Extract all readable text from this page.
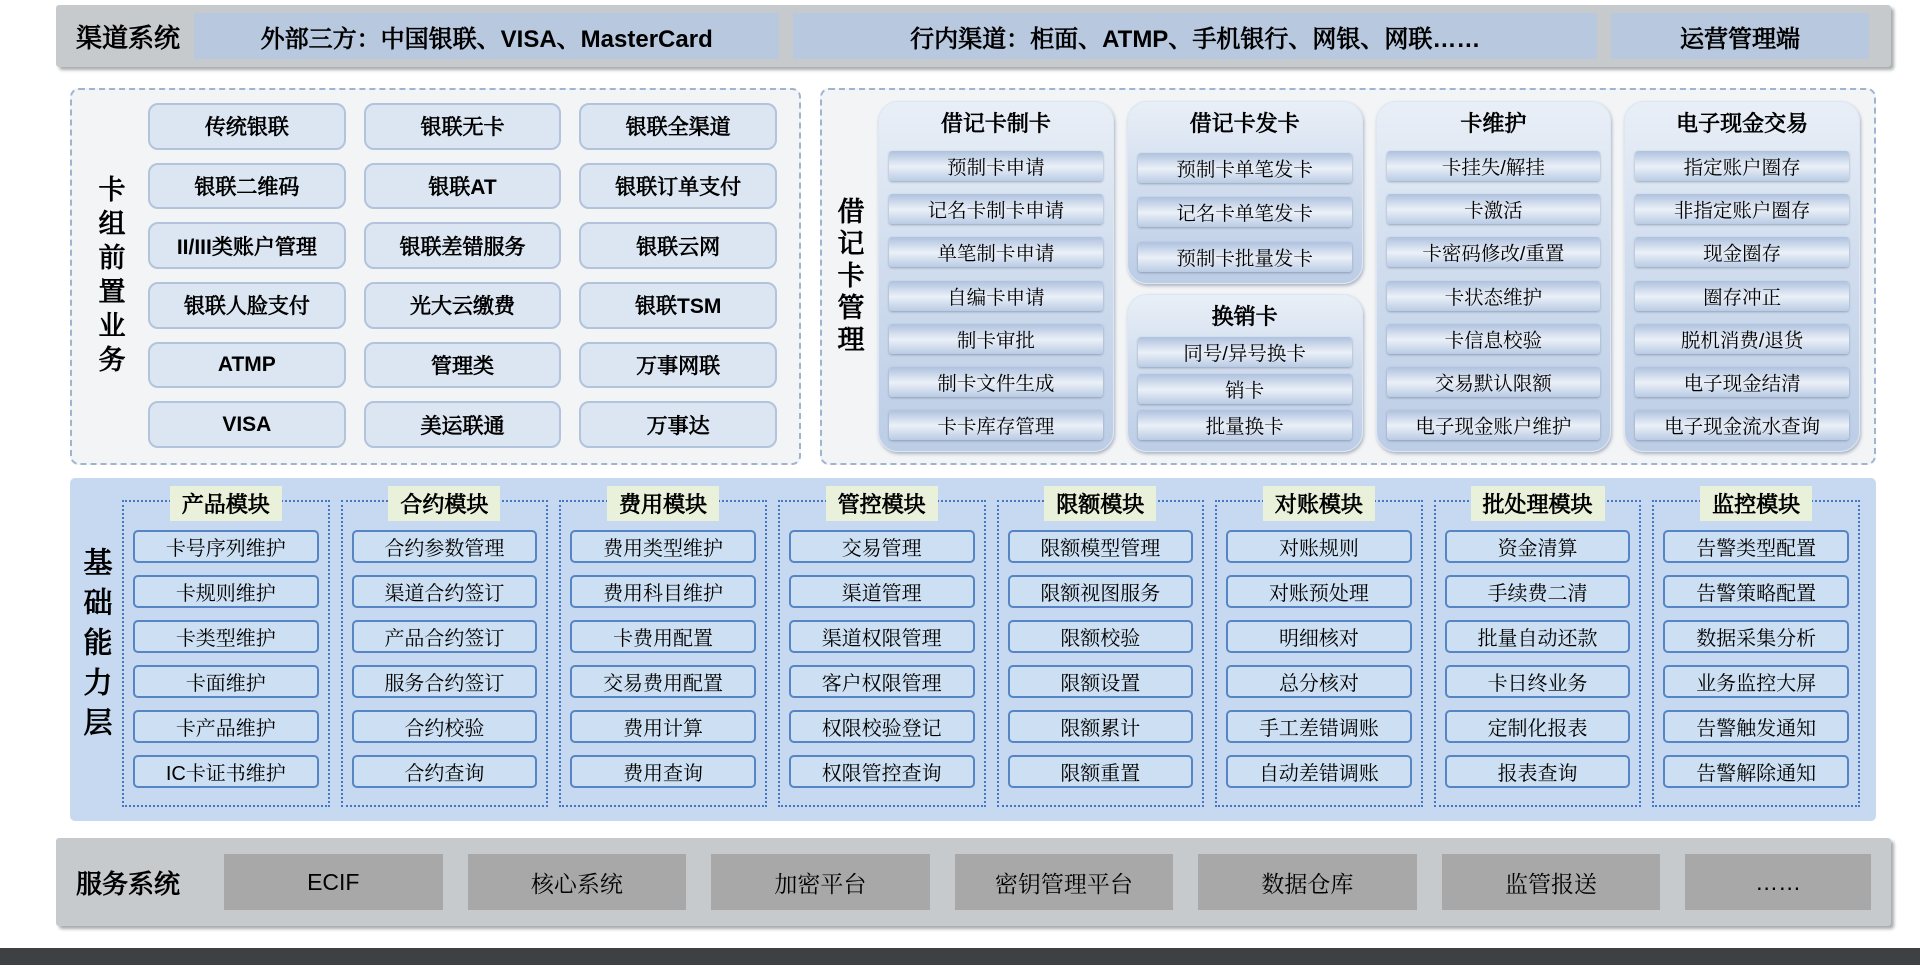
渠道系统	外部三方：中国银联、VISA、MasterCard	行内渠道：柜面、ATMP、手机银行、网银、网联……	运营管理端
卡组前置业务
传统银联	银联无卡	银联全渠道
银联二维码	银联AT	银联订单支付
II/III类账户管理	银联差错服务	银联云网
银联人脸支付	光大云缴费	银联TSM
ATMP	管理类	万事网联
VISA	美运联通	万事达
借记卡管理
借记卡制卡
预制卡申请
记名卡制卡申请
单笔制卡申请
自编卡申请
制卡审批
制卡文件生成
卡卡库存管理
借记卡发卡
预制卡单笔发卡
记名卡单笔发卡
预制卡批量发卡
换销卡
同号/异号换卡
销卡
批量换卡
卡维护
卡挂失/解挂
卡激活
卡密码修改/重置
卡状态维护
卡信息校验
交易默认限额
电子现金账户维护
电子现金交易
指定账户圈存
非指定账户圈存
现金圈存
圈存冲正
脱机消费/退货
电子现金结清
电子现金流水查询
基础能力层
产品模块
卡号序列维护
卡规则维护
卡类型维护
卡面维护
卡产品维护
IC卡证书维护
合约模块
合约参数管理
渠道合约签订
产品合约签订
服务合约签订
合约校验
合约查询
费用模块
费用类型维护
费用科目维护
卡费用配置
交易费用配置
费用计算
费用查询
管控模块
交易管理
渠道管理
渠道权限管理
客户权限管理
权限校验登记
权限管控查询
限额模块
限额模型管理
限额视图服务
限额校验
限额设置
限额累计
限额重置
对账模块
对账规则
对账预处理
明细核对
总分核对
手工差错调账
自动差错调账
批处理模块
资金清算
手续费二清
批量自动还款
卡日终业务
定制化报表
报表查询
监控模块
告警类型配置
告警策略配置
数据采集分析
业务监控大屏
告警触发通知
告警解除通知
服务系统	ECIF	核心系统	加密平台	密钥管理平台	数据仓库	监管报送	……
